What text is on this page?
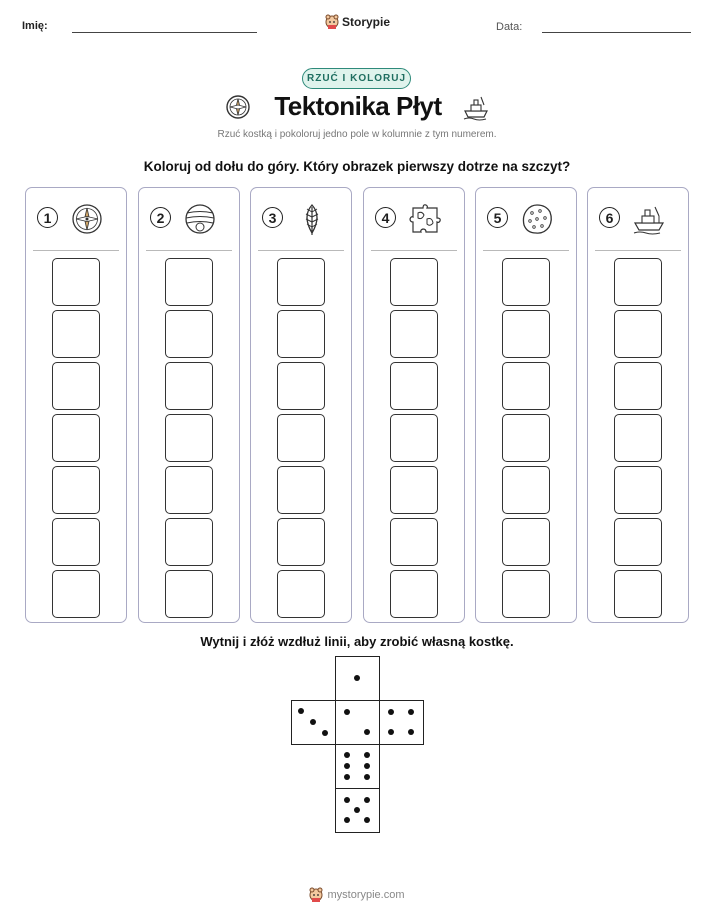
Imię:	Storypie	Data:
RZUĆ I KOLORUJ
Tektonika Płyt
Rzuć kostką i pokoloruj jedno pole w kolumnie z tym numerem.
Koloruj od dołu do góry. Który obrazek pierwszy dotrze na szczyt?
1	2	3	4	5	6
Wytnij i złóż wzdłuż linii, aby zrobić własną kostkę.
mystorypie.com
